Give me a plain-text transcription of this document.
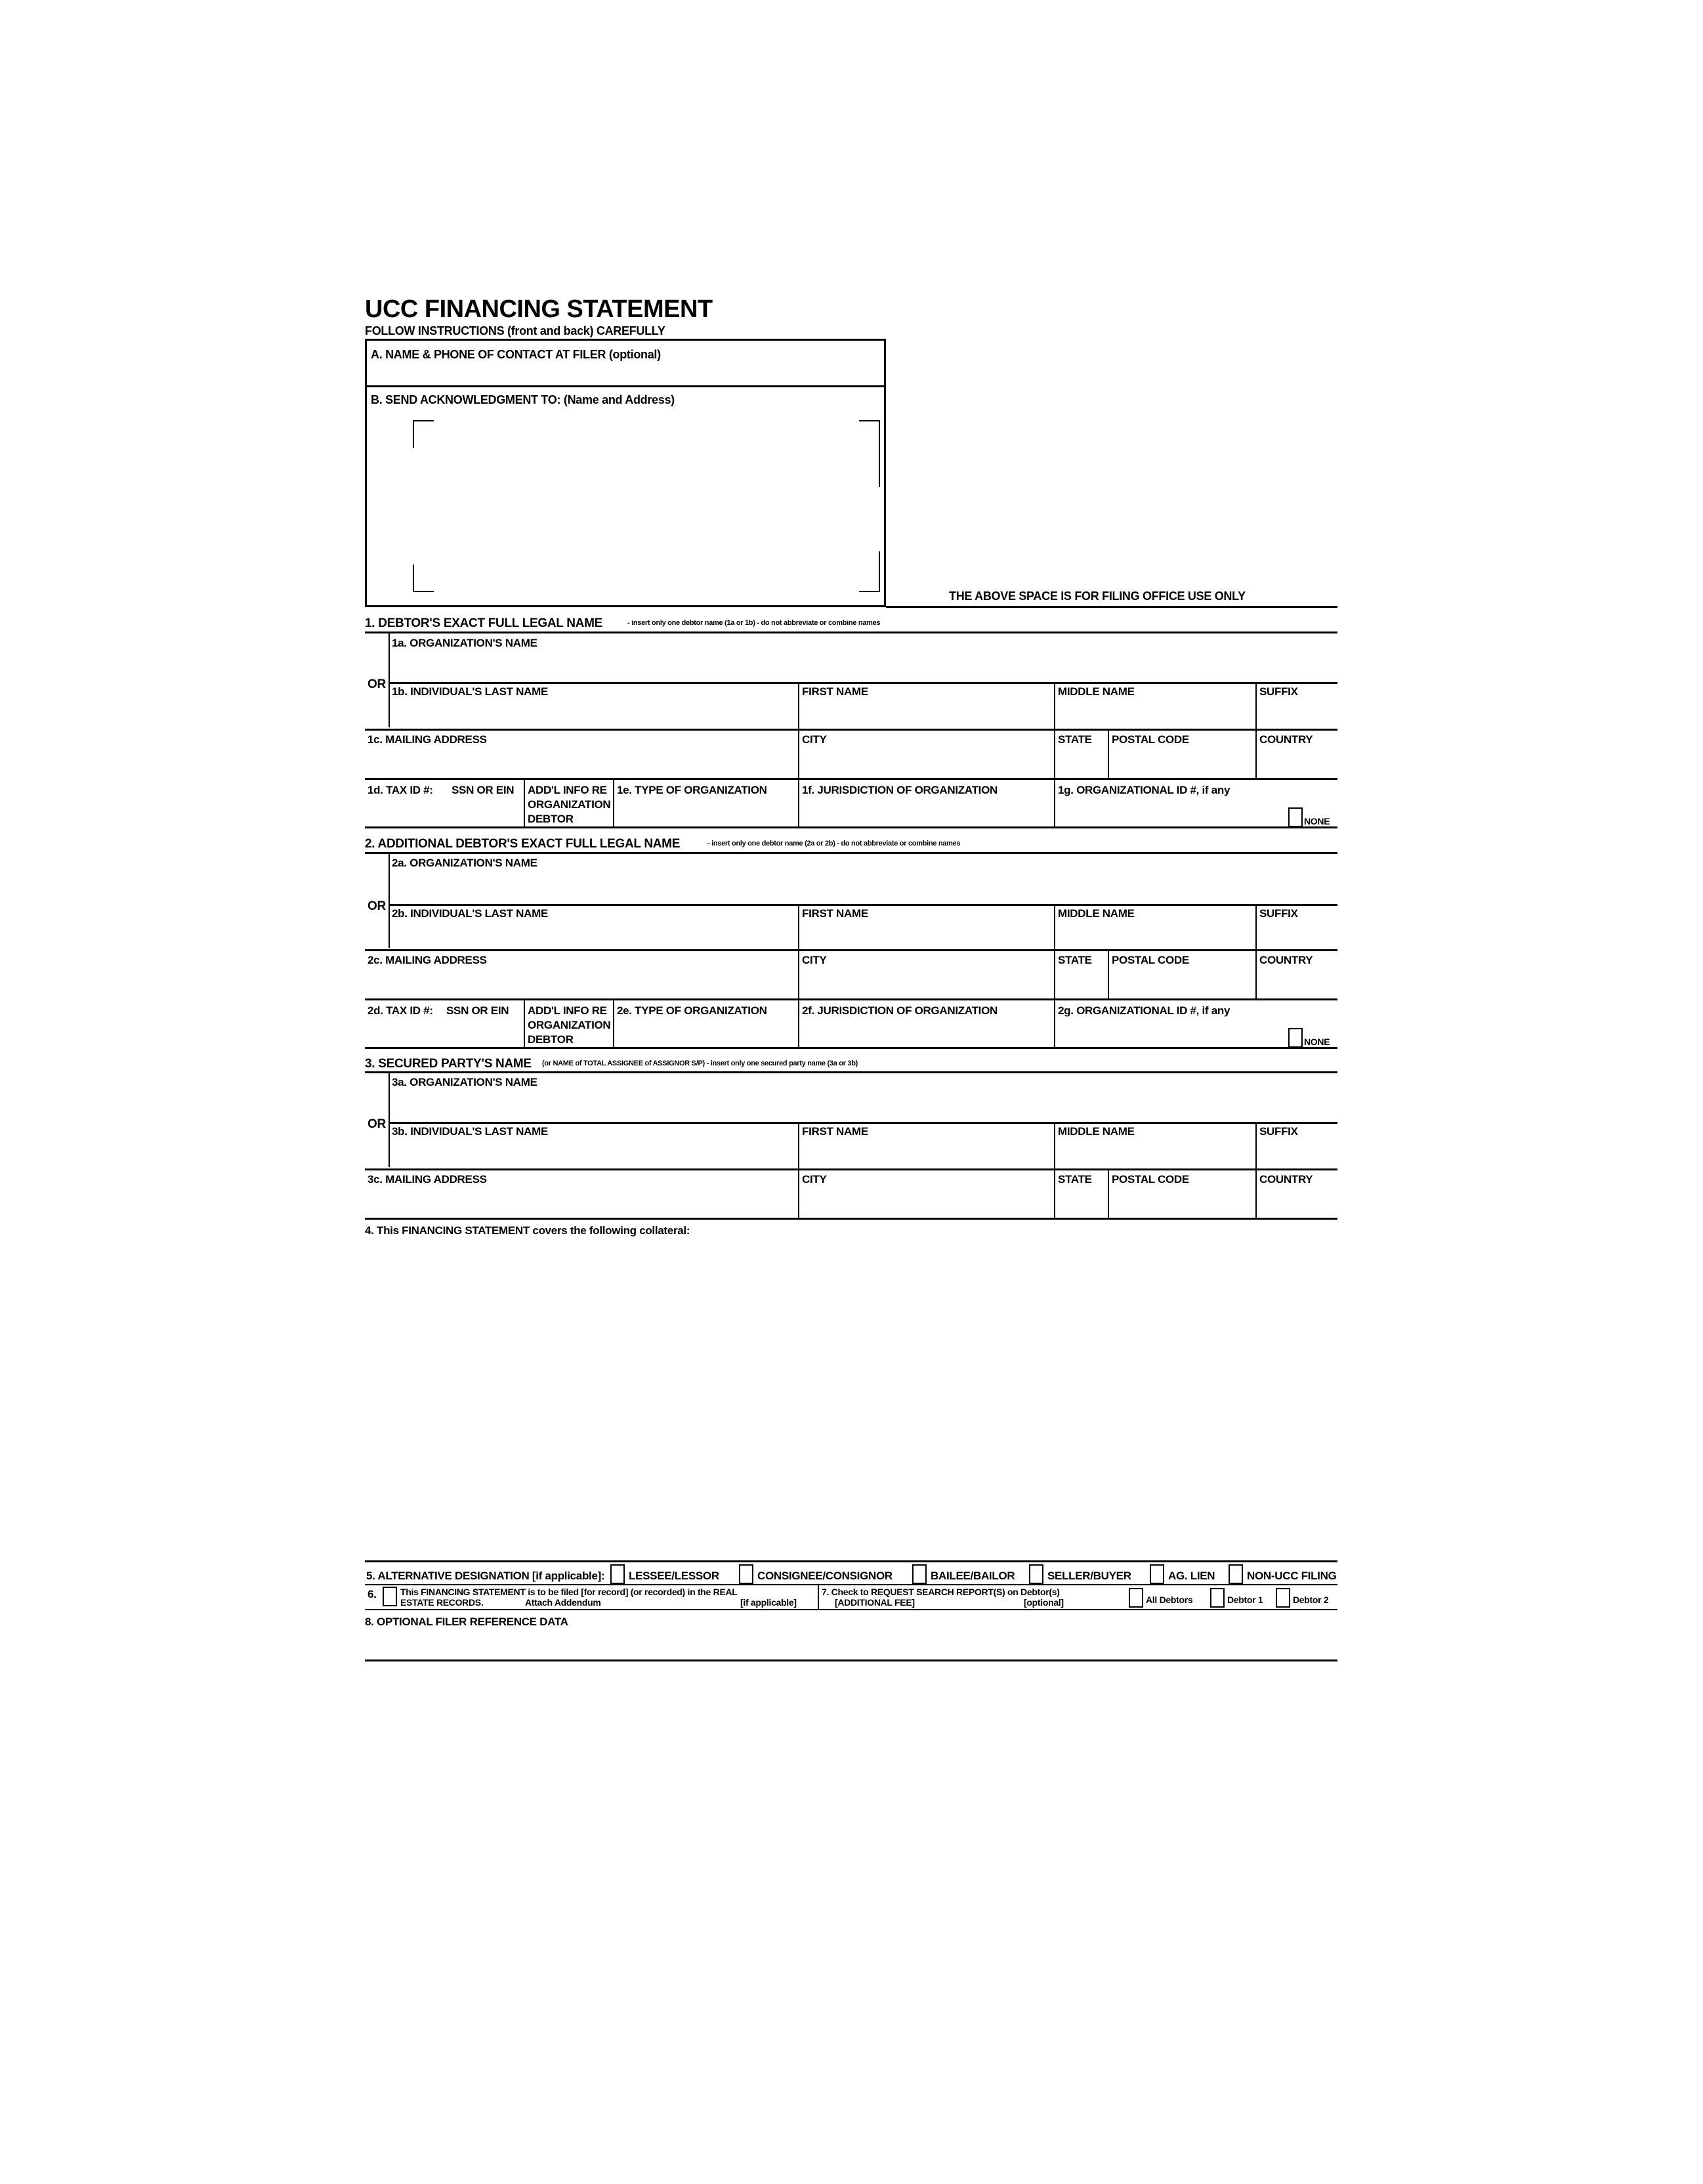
UCC FINANCING STATEMENT
FOLLOW INSTRUCTIONS (front and back) CAREFULLY
A. NAME & PHONE OF CONTACT AT FILER (optional)
B. SEND ACKNOWLEDGMENT TO: (Name and Address)
THE ABOVE SPACE IS FOR FILING OFFICE USE ONLY
1. DEBTOR'S EXACT FULL LEGAL NAME	- insert only one debtor name (1a or 1b) - do not abbreviate or combine names
1a. ORGANIZATION'S NAME
OR
1b. INDIVIDUAL'S LAST NAME	FIRST NAME	MIDDLE NAME	SUFFIX
1c. MAILING ADDRESS	CITY	STATE POSTAL CODE	COUNTRY
1d. TAX ID #: SSN OR EIN ADD'L INFO RE
ORGANIZATION
DEBTOR
1e. TYPE OF ORGANIZATION	1f. JURISDICTION OF ORGANIZATION	1g. ORGANIZATIONAL ID #, if any
NONE
2. ADDITIONAL DEBTOR'S EXACT FULL LEGAL NAME	- insert only one debtor name (2a or 2b) - do not abbreviate or combine names
2a. ORGANIZATION'S NAME
OR
2b. INDIVIDUAL'S LAST NAME	FIRST NAME	MIDDLE NAME	SUFFIX
2c. MAILING ADDRESS	CITY	STATE POSTAL CODE	COUNTRY
2d. TAX ID #: SSN OR EIN ADD'L INFO RE
ORGANIZATION
DEBTOR
2e. TYPE OF ORGANIZATION	2f. JURISDICTION OF ORGANIZATION	2g. ORGANIZATIONAL ID #, if any
NONE
3. SECURED PARTY'S NAME (or NAME of TOTAL ASSIGNEE of ASSIGNOR S/P) - insert only one secured party name (3a or 3b)
3a. ORGANIZATION'S NAME
OR
3b. INDIVIDUAL'S LAST NAME	FIRST NAME	MIDDLE NAME	SUFFIX
3c. MAILING ADDRESS	CITY	STATE POSTAL CODE	COUNTRY
4. This FINANCING STATEMENT covers the following collateral:
5. ALTERNATIVE DESIGNATION [if applicable]: LESSEE/LESSOR	CONSIGNEE/CONSIGNOR	BAILEE/BAILOR	SELLER/BUYER	AG. LIEN	NON-UCC FILING
6.	This FINANCING STATEMENT is to be filed [for record] (or recorded) in the REAL
ESTATE RECORDS.	Attach Addendum	[if applicable]
7. Check to REQUEST SEARCH REPORT(S) on Debtor(s)
[ADDITIONAL FEE]	[optional]	All Debtors	Debtor 1	Debtor 2
8. OPTIONAL FILER REFERENCE DATA
